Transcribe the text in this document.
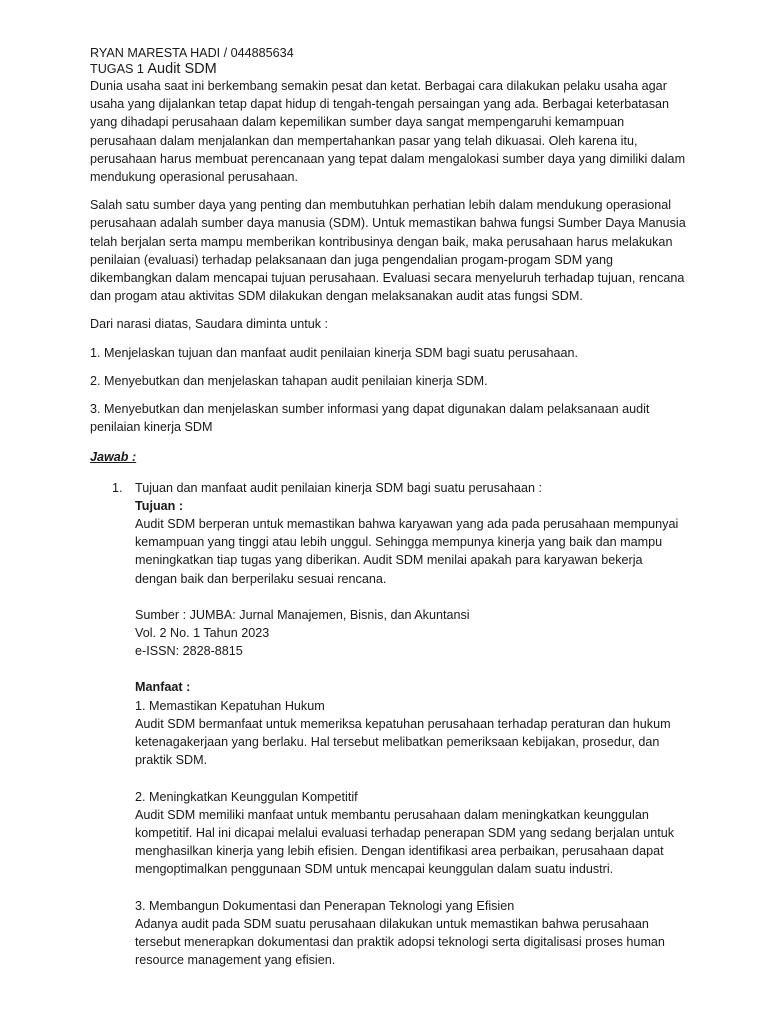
RYAN MARESTA HADI / 044885634

TUGAS 1 Audit SDM

Dunia usaha saat ini berkembang semakin pesat dan ketat. Berbagai cara dilakukan pelaku usaha agar usaha yang dijalankan tetap dapat hidup di tengah-tengah persaingan yang ada. Berbagai keterbatasan yang dihadapi perusahaan dalam kepemilikan sumber daya sangat mempengaruhi kemampuan perusahaan dalam menjalankan dan mempertahankan pasar yang telah dikuasai. Oleh karena itu, perusahaan harus membuat perencanaan yang tepat dalam mengalokasi sumber daya yang dimiliki dalam mendukung operasional perusahaan.

Salah satu sumber daya yang penting dan membutuhkan perhatian lebih dalam mendukung operasional perusahaan adalah sumber daya manusia (SDM). Untuk memastikan bahwa fungsi Sumber Daya Manusia telah berjalan serta mampu memberikan kontribusinya dengan baik, maka perusahaan harus melakukan penilaian (evaluasi) terhadap pelaksanaan dan juga pengendalian progam-progam SDM yang dikembangkan dalam mencapai tujuan perusahaan. Evaluasi secara menyeluruh terhadap tujuan, rencana dan progam atau aktivitas SDM dilakukan dengan melaksanakan audit atas fungsi SDM.

Dari narasi diatas, Saudara diminta untuk :

1. Menjelaskan tujuan dan manfaat audit penilaian kinerja SDM bagi suatu perusahaan.

2. Menyebutkan dan menjelaskan tahapan audit penilaian kinerja SDM.

3. Menyebutkan dan menjelaskan sumber informasi yang dapat digunakan dalam pelaksanaan audit penilaian kinerja SDM

Jawab :

1. Tujuan dan manfaat audit penilaian kinerja SDM bagi suatu perusahaan :

Tujuan :

Audit SDM berperan untuk memastikan bahwa karyawan yang ada pada perusahaan mempunyai kemampuan yang tinggi atau lebih unggul. Sehingga mempunya kinerja yang baik dan mampu meningkatkan tiap tugas yang diberikan. Audit SDM menilai apakah para karyawan bekerja dengan baik dan berperilaku sesuai rencana.

Sumber : JUMBA: Jurnal Manajemen, Bisnis, dan Akuntansi

Vol. 2 No. 1 Tahun 2023

e-ISSN: 2828-8815

Manfaat :

1. Memastikan Kepatuhan Hukum

Audit SDM bermanfaat untuk memeriksa kepatuhan perusahaan terhadap peraturan dan hukum ketenagakerjaan yang berlaku. Hal tersebut melibatkan pemeriksaan kebijakan, prosedur, dan praktik SDM.

2. Meningkatkan Keunggulan Kompetitif

Audit SDM memiliki manfaat untuk membantu perusahaan dalam meningkatkan keunggulan kompetitif. Hal ini dicapai melalui evaluasi terhadap penerapan SDM yang sedang berjalan untuk menghasilkan kinerja yang lebih efisien. Dengan identifikasi area perbaikan, perusahaan dapat mengoptimalkan penggunaan SDM untuk mencapai keunggulan dalam suatu industri.

3. Membangun Dokumentasi dan Penerapan Teknologi yang Efisien

Adanya audit pada SDM suatu perusahaan dilakukan untuk memastikan bahwa perusahaan tersebut menerapkan dokumentasi dan praktik adopsi teknologi serta digitalisasi proses human resource management yang efisien.
